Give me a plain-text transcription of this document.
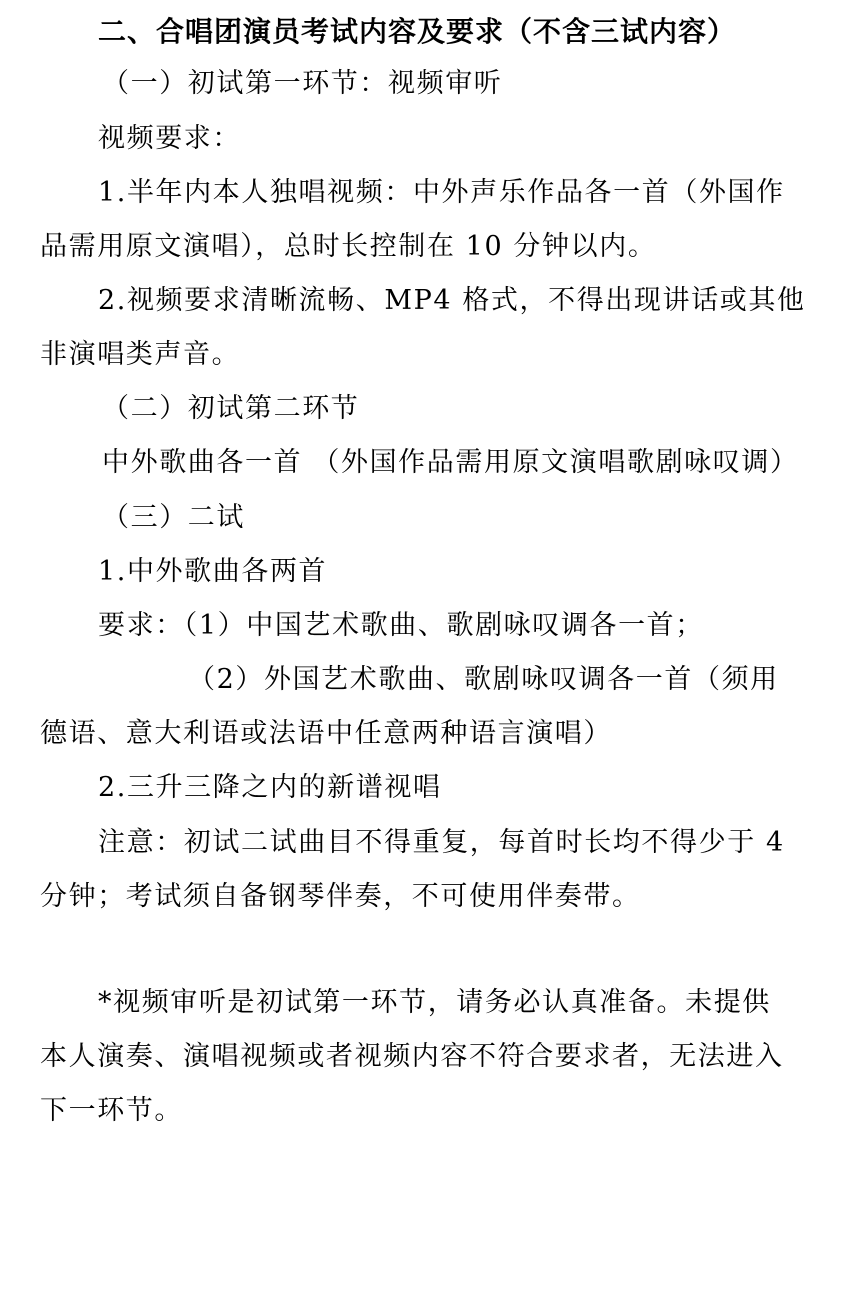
二、合唱团演员考试内容及要求（不含三试内容）
（一）初试第一环节：视频审听
视频要求：
1.半年内本人独唱视频：中外声乐作品各一首（外国作
品需用原文演唱），总时长控制在 10 分钟以内。
2.视频要求清晰流畅、MP4 格式，不得出现讲话或其他
非演唱类声音。
（二）初试第二环节
中外歌曲各一首 （外国作品需用原文演唱歌剧咏叹调）
（三）二试
1.中外歌曲各两首
要求：（1）中国艺术歌曲、歌剧咏叹调各一首；
（2）外国艺术歌曲、歌剧咏叹调各一首（须用
德语、意大利语或法语中任意两种语言演唱）
2.三升三降之内的新谱视唱
注意：初试二试曲目不得重复，每首时长均不得少于 4
分钟；考试须自备钢琴伴奏，不可使用伴奏带。
*视频审听是初试第一环节，请务必认真准备。未提供
本人演奏、演唱视频或者视频内容不符合要求者，无法进入
下一环节。
